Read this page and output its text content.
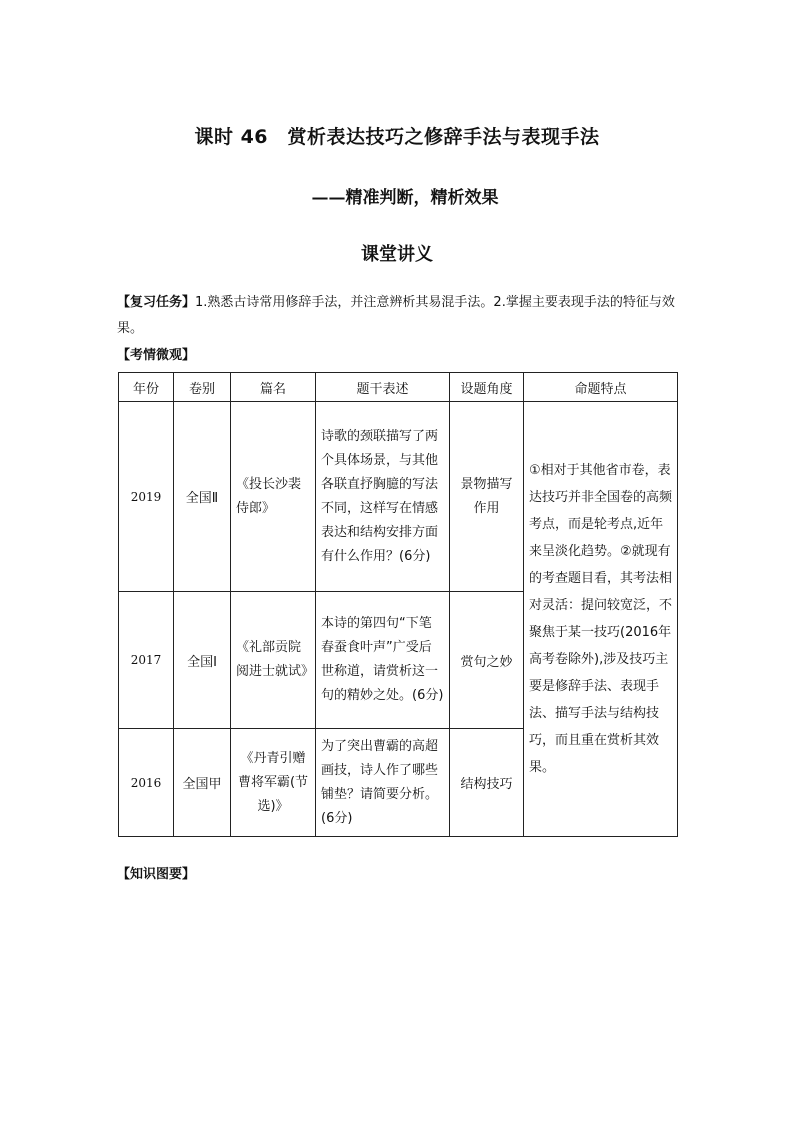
课时 46　赏析表达技巧之修辞手法与表现手法
——精准判断，精析效果
课堂讲义
【复习任务】1.熟悉古诗常用修辞手法，并注意辨析其易混手法。2.掌握主要表现手法的特征与效果。
【考情微观】
年份	卷别	篇名	题干表述	设题角度	命题特点
2019	全国Ⅱ	《投长沙裴侍郎》	诗歌的颈联描写了两个具体场景，与其他各联直抒胸臆的写法不同，这样写在情感表达和结构安排方面有什么作用？(6分)	景物描写作用	①相对于其他省市卷，表达技巧并非全国卷的高频考点，而是轮考点,近年来呈淡化趋势。②就现有的考查题目看，其考法相对灵活：提问较宽泛，不聚焦于某一技巧(2016年高考卷除外),涉及技巧主要是修辞手法、表现手法、描写手法与结构技巧，而且重在赏析其效果。
2017	全国Ⅰ	《礼部贡院阅进士就试》	本诗的第四句“下笔春蚕食叶声”广受后世称道，请赏析这一句的精妙之处。(6分)	赏句之妙	
2016	全国甲	《丹青引赠曹将军霸(节选)》	为了突出曹霸的高超画技，诗人作了哪些铺垫？请简要分析。(6分)	结构技巧	
【知识图要】
